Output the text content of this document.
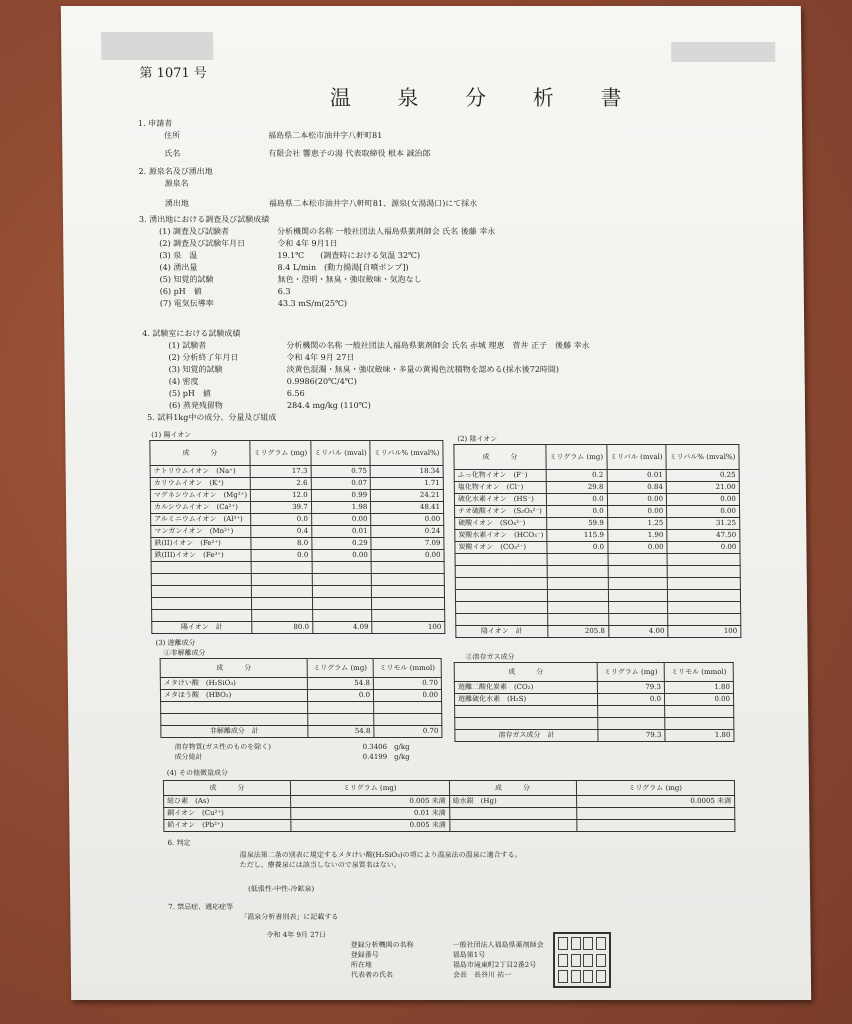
第 1071 号
温 泉 分 析 書
1. 申請者
住所	福島県二本松市油井字八軒町81
氏名	有限会社 響恵子の湯 代表取締役 根本 誠治郎
2. 源泉名及び湧出地
源泉名
湧出地	福島県二本松市油井字八軒町81、源泉(女湯湯口)にて採水
3. 湧出地における調査及び試験成績
(1) 調査及び試験者	分析機関の名称 一般社団法人福島県薬剤師会 氏名 後藤 幸永
(2) 調査及び試験年月日	令和 4年 9月1日
(3) 泉　温	19.1℃　　(調査時における気温 32℃)
(4) 湧出量	8.4 L/min　(動力揚湯[自噴ポンプ])
(5) 知覚的試験	無色・澄明・無臭・強収斂味・気泡なし
(6) pH　値	6.3
(7) 電気伝導率	43.3 mS/m(25℃)
4. 試験室における試験成績
(1) 試験者	分析機関の名称 一般社団法人福島県薬剤師会 氏名 赤城 理恵　菅井 正子　後藤 幸永
(2) 分析終了年月日	令和 4年 9月 27日
(3) 知覚的試験	淡黄色混濁・無臭・強収斂味・多量の黄褐色沈積物を認める(採水後72時間)
(4) 密度	0.9986(20℃/4℃)
(5) pH　値	6.56
(6) 蒸発残留物	284.4 mg/kg (110℃)
5. 試料1kg中の成分、分量及び組成
(1) 陽イオン
成　　　分	ミリグラム (mg)	ミリバル (mval)	ミリバル% (mval%)
ナトリウムイオン　(Na⁺)	17.3	0.75	18.34
カリウムイオン　(K⁺)	2.6	0.07	1.71
マグネシウムイオン　(Mg²⁺)	12.0	0.99	24.21
カルシウムイオン　(Ca²⁺)	39.7	1.98	48.41
アルミニウムイオン　(Al³⁺)	0.0	0.00	0.00
マンガンイオン　(Mn²⁺)	0.4	0.01	0.24
鉄(II)イオン　(Fe²⁺)	8.0	0.29	7.09
鉄(III)イオン　(Fe³⁺)	0.0	0.00	0.00

陽イオン　計	80.0	4.09	100
(2) 陰イオン
成　　　分	ミリグラム (mg)	ミリバル (mval)	ミリバル% (mval%)
ふっ化物イオン　(F⁻)	0.2	0.01	0.25
塩化物イオン　(Cl⁻)	29.8	0.84	21.00
硫化水素イオン　(HS⁻)	0.0	0.00	0.00
チオ硫酸イオン　(S₂O₃²⁻)	0.0	0.00	0.00
硫酸イオン　(SO₄²⁻)	59.9	1.25	31.25
炭酸水素イオン　(HCO₃⁻)	115.9	1.90	47.50
炭酸イオン　(CO₃²⁻)	0.0	0.00	0.00

陰イオン　計	205.8	4.00	100
(3) 遊離成分
①非解離成分
成　　　分	ミリグラム (mg)	ミリモル (mmol)
メタけい酸　(H₂SiO₃)	54.8	0.70
メタほう酸　(HBO₂)	0.0	0.00

非解離成分　計	54.8	0.70
②溶存ガス成分
成　　　分	ミリグラム (mg)	ミリモル (mmol)
遊離二酸化炭素　(CO₂)	79.3	1.80
遊離硫化水素　(H₂S)	0.0	0.00

溶存ガス成分　計	79.3	1.80
溶存物質(ガス性のものを除く)	0.3406　g/kg
成分総計	0.4199　g/kg
(4) その他微量成分
成　　　分	ミリグラム (mg)	成　　　分	ミリグラム (mg)
総ひ素　(As)	0.005 未満	総水銀　(Hg)	0.0005 未満
銅イオン　(Cu²⁺)	0.01 未満		
鉛イオン　(Pb²⁺)	0.005 未満		
6. 判定
温泉法第二条の別表に規定するメタけい酸(H₂SiO₃)の項により温泉法の温泉に適合する。
ただし、療養泉には該当しないので泉質名はない。
(低張性-中性-冷鉱泉)
7. 禁忌症、適応症等
「温泉分析書別表」に記載する
令和 4年 9月 27日
登録分析機関の名称	一般社団法人福島県薬剤師会
登録番号	福島第1号
所在地	福島市滝東町2丁目2番2号
代表者の氏名	会長　長谷川 祐一
